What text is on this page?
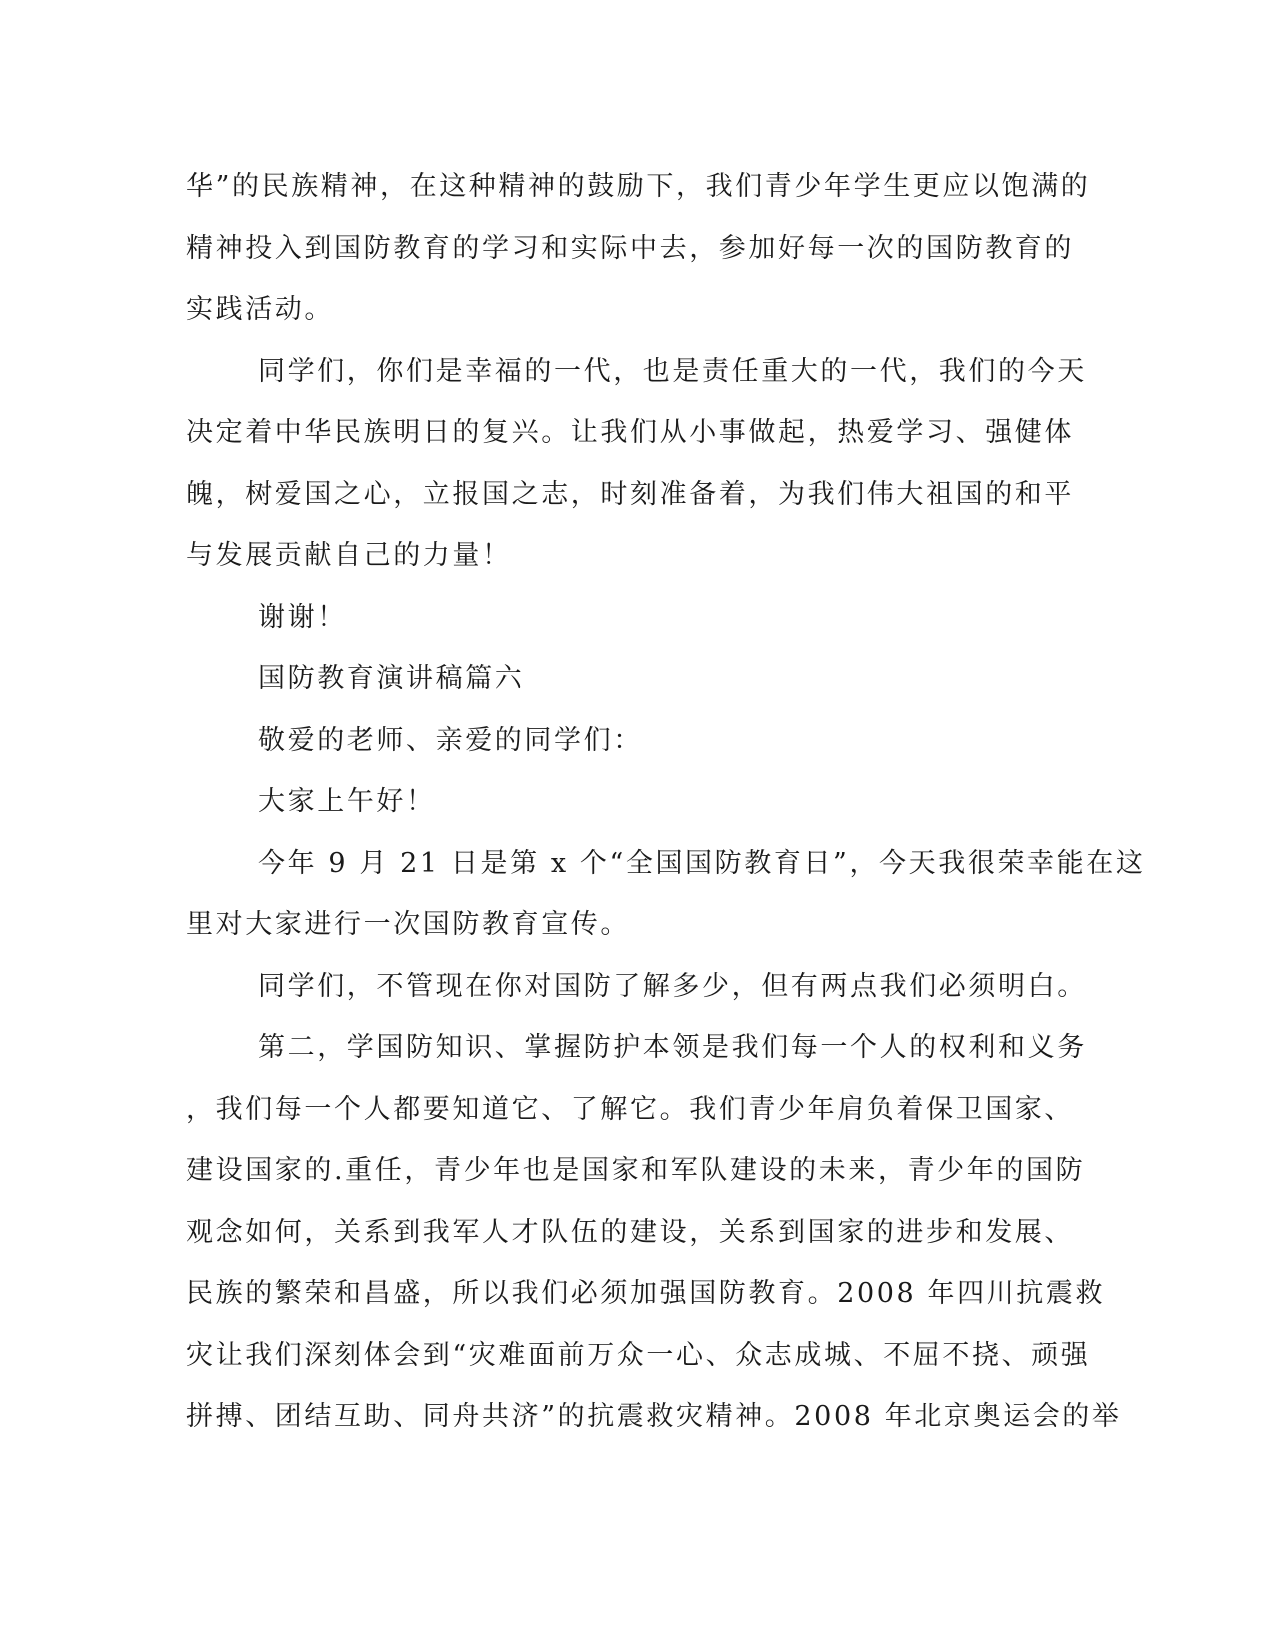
华”的民族精神，在这种精神的鼓励下，我们青少年学生更应以饱满的
精神投入到国防教育的学习和实际中去，参加好每一次的国防教育的
实践活动。
同学们，你们是幸福的一代，也是责任重大的一代，我们的今天
决定着中华民族明日的复兴。让我们从小事做起，热爱学习、强健体
魄，树爱国之心，立报国之志，时刻准备着，为我们伟大祖国的和平
与发展贡献自己的力量！
谢谢！
国防教育演讲稿篇六
敬爱的老师、亲爱的同学们：
大家上午好！
今年 9 月 21 日是第 x 个“全国国防教育日”，今天我很荣幸能在这
里对大家进行一次国防教育宣传。
同学们，不管现在你对国防了解多少，但有两点我们必须明白。
第二，学国防知识、掌握防护本领是我们每一个人的权利和义务
，我们每一个人都要知道它、了解它。我们青少年肩负着保卫国家、
建设国家的.重任，青少年也是国家和军队建设的未来，青少年的国防
观念如何，关系到我军人才队伍的建设，关系到国家的进步和发展、
民族的繁荣和昌盛，所以我们必须加强国防教育。2008 年四川抗震救
灾让我们深刻体会到“灾难面前万众一心、众志成城、不屈不挠、顽强
拼搏、团结互助、同舟共济”的抗震救灾精神。2008 年北京奥运会的举
